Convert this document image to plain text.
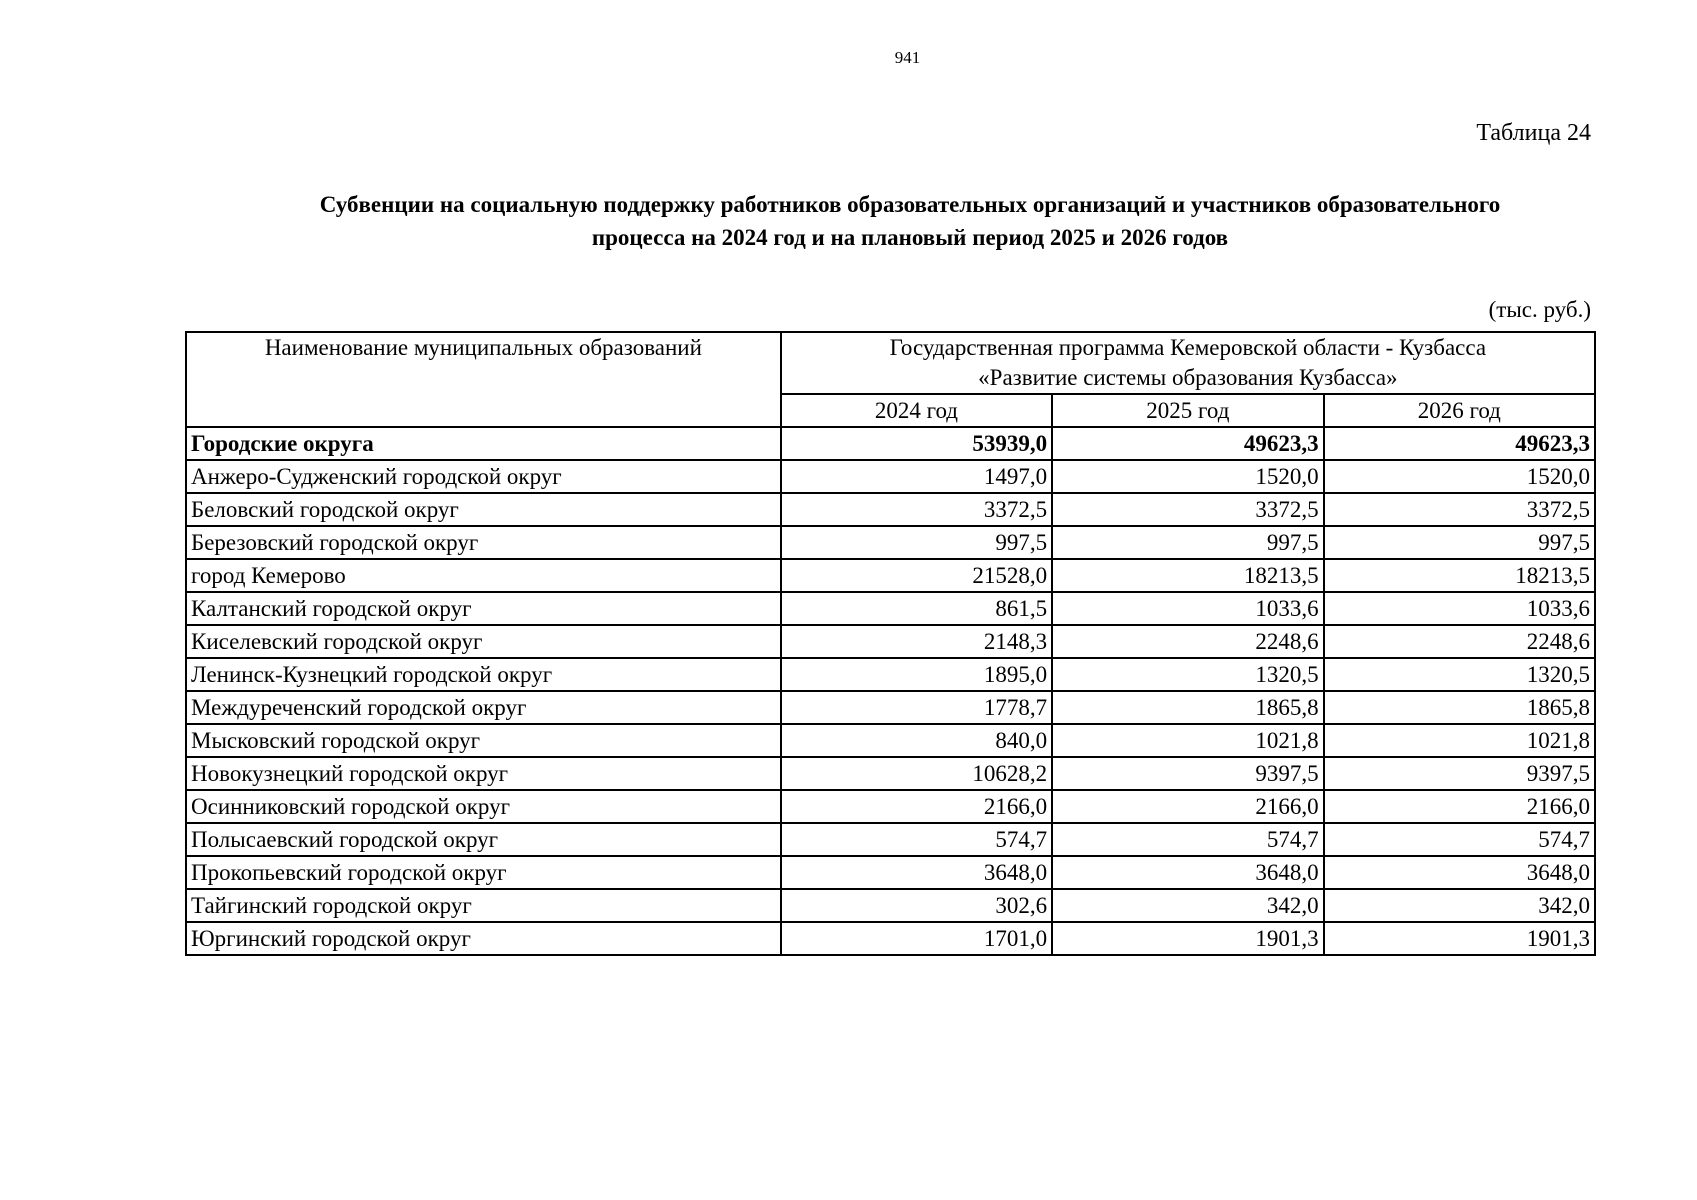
941
Таблица 24
Субвенции на социальную поддержку работников образовательных организаций и участников образовательного
процесса на 2024 год и на плановый период 2025 и 2026 годов
(тыс. руб.)
Наименование муниципальных образований	Государственная программа Кемеровской области - Кузбасса
«Развитие системы образования Кузбасса»		

	2024 год	2025 год	2026 год
Городские округа	53939,0	49623,3	49623,3
Анжеро-Судженский городской округ	1497,0	1520,0	1520,0
Беловский городской округ	3372,5	3372,5	3372,5
Березовский городской округ	997,5	997,5	997,5
город Кемерово	21528,0	18213,5	18213,5
Калтанский городской округ	861,5	1033,6	1033,6
Киселевский городской округ	2148,3	2248,6	2248,6
Ленинск-Кузнецкий городской округ	1895,0	1320,5	1320,5
Междуреченский городской округ	1778,7	1865,8	1865,8
Мысковский городской округ	840,0	1021,8	1021,8
Новокузнецкий городской округ	10628,2	9397,5	9397,5
Осинниковский городской округ	2166,0	2166,0	2166,0
Полысаевский городской округ	574,7	574,7	574,7
Прокопьевский городской округ	3648,0	3648,0	3648,0
Тайгинский городской округ	302,6	342,0	342,0
Юргинский городской округ	1701,0	1901,3	1901,3
